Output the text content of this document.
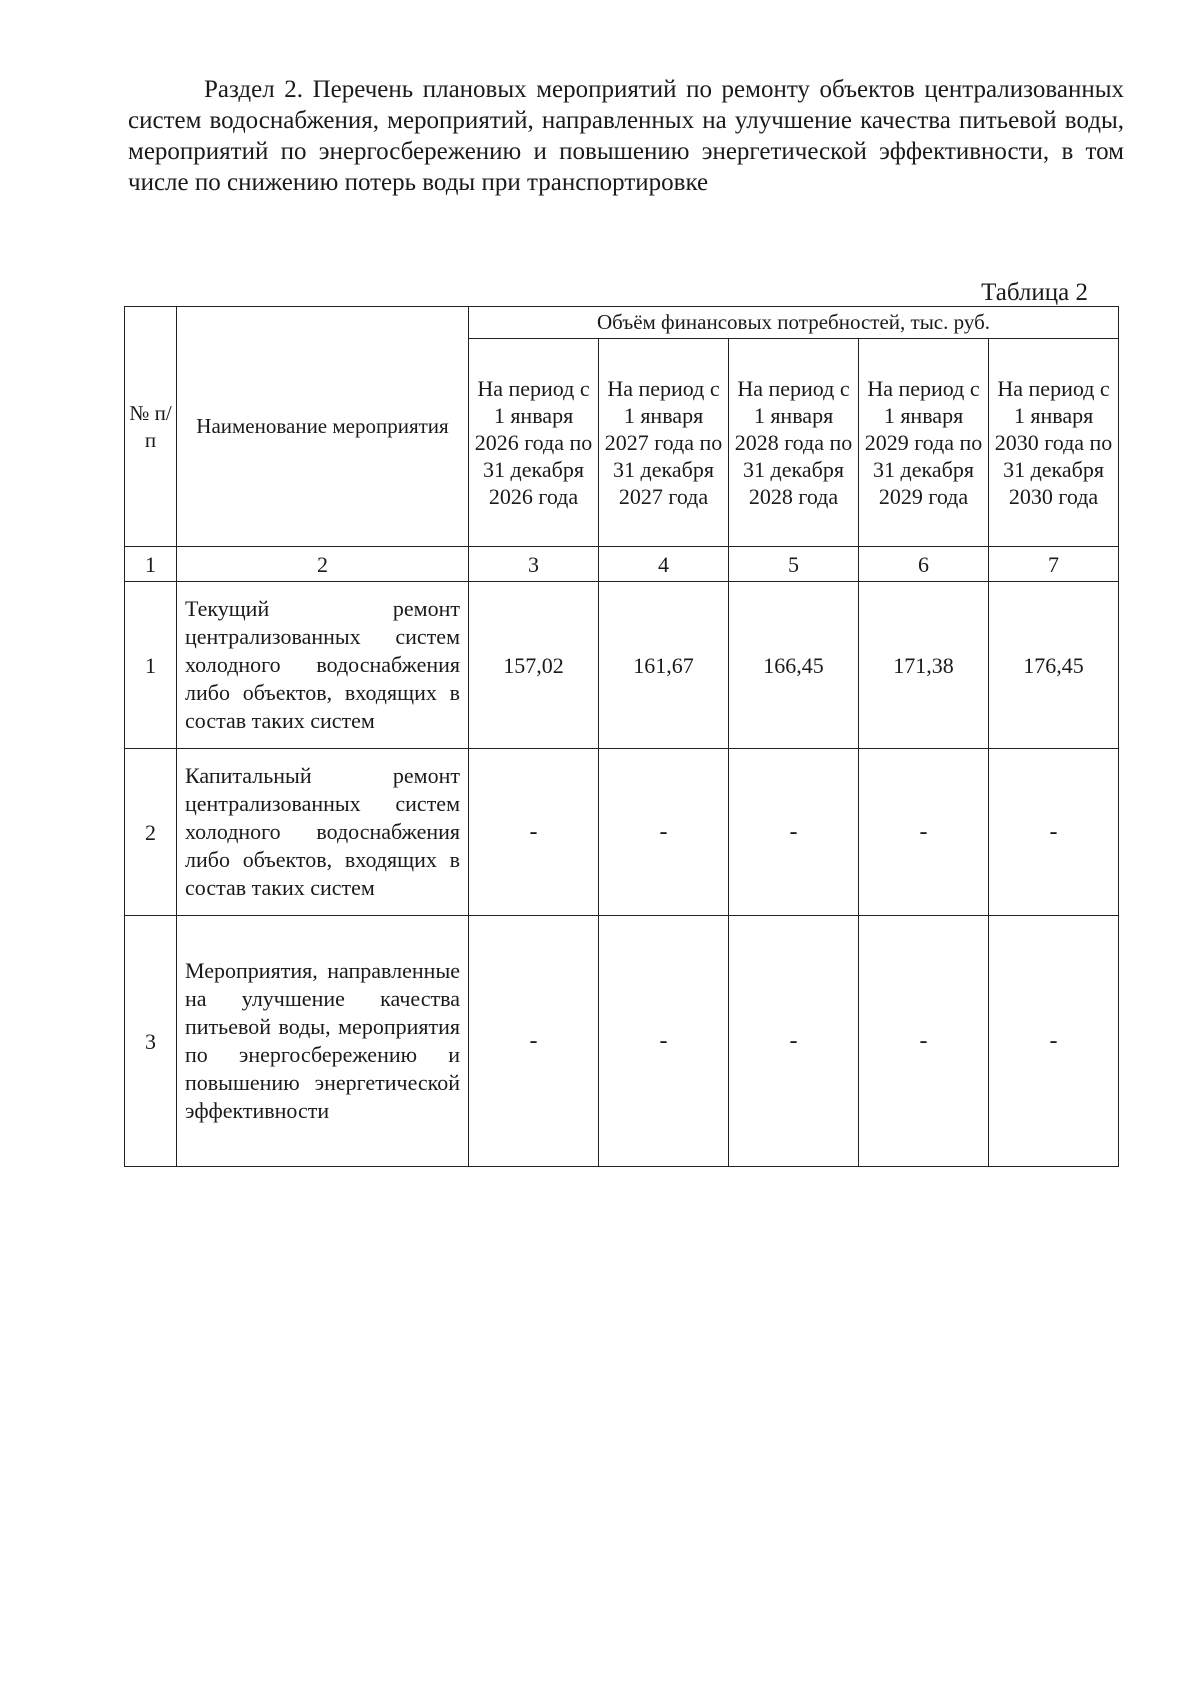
Раздел 2. Перечень плановых мероприятий по ремонту объектов централизованных систем водоснабжения, мероприятий, направленных на улучшение качества питьевой воды, мероприятий по энергосбережению и повышению энергетической эффективности, в том числе по снижению потерь воды при транспортировке

Таблица 2

№ п/п	Наименование мероприятия	Объём финансовых потребностей, тыс. руб.				
		На период с 1 января 2026 года по 31 декабря 2026 года	На период с 1 января 2027 года по 31 декабря 2027 года	На период с 1 января 2028 года по 31 декабря 2028 года	На период с 1 января 2029 года по 31 декабря 2029 года	На период с 1 января 2030 года по 31 декабря 2030 года
1	2	3	4	5	6	7
1	Текущий ремонт централизованных систем холодного водоснабжения либо объектов, входящих в состав таких систем	157,02	161,67	166,45	171,38	176,45
2	Капитальный ремонт централизованных систем холодного водоснабжения либо объектов, входящих в состав таких систем	-	-	-	-	-
3	Мероприятия, направленные на улучшение качества питьевой воды, мероприятия по энергосбережению и повышению энергетической эффективности	-	-	-	-	-
